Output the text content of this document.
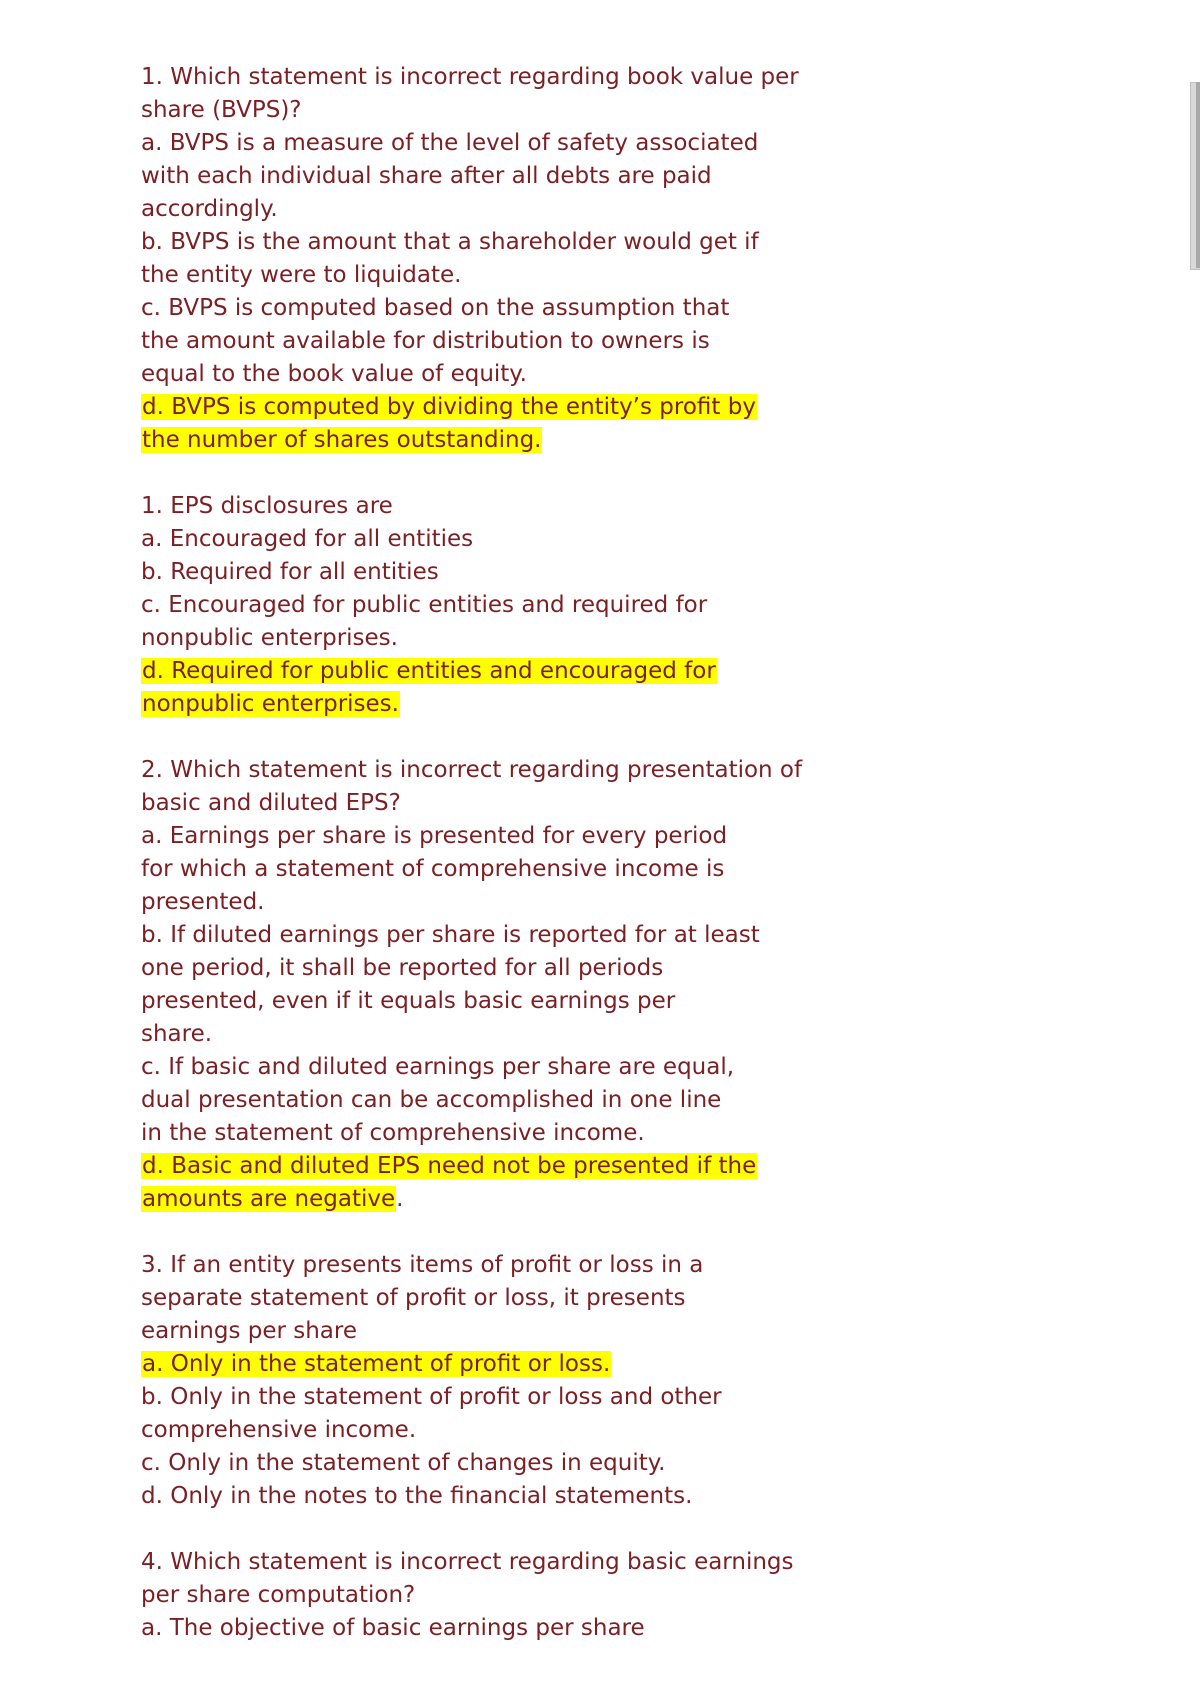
1. Which statement is incorrect regarding book value per
share (BVPS)?
a. BVPS is a measure of the level of safety associated
with each individual share after all debts are paid
accordingly.
b. BVPS is the amount that a shareholder would get if
the entity were to liquidate.
c. BVPS is computed based on the assumption that
the amount available for distribution to owners is
equal to the book value of equity.
d. BVPS is computed by dividing the entity’s profit by
the number of shares outstanding.
1. EPS disclosures are
a. Encouraged for all entities
b. Required for all entities
c. Encouraged for public entities and required for
nonpublic enterprises.
d. Required for public entities and encouraged for
nonpublic enterprises.
2. Which statement is incorrect regarding presentation of
basic and diluted EPS?
a. Earnings per share is presented for every period
for which a statement of comprehensive income is
presented.
b. If diluted earnings per share is reported for at least
one period, it shall be reported for all periods
presented, even if it equals basic earnings per
share.
c. If basic and diluted earnings per share are equal,
dual presentation can be accomplished in one line
in the statement of comprehensive income.
d. Basic and diluted EPS need not be presented if the
amounts are negative.
3. If an entity presents items of profit or loss in a
separate statement of profit or loss, it presents
earnings per share
a. Only in the statement of profit or loss.
b. Only in the statement of profit or loss and other
comprehensive income.
c. Only in the statement of changes in equity.
d. Only in the notes to the financial statements.
4. Which statement is incorrect regarding basic earnings
per share computation?
a. The objective of basic earnings per share
